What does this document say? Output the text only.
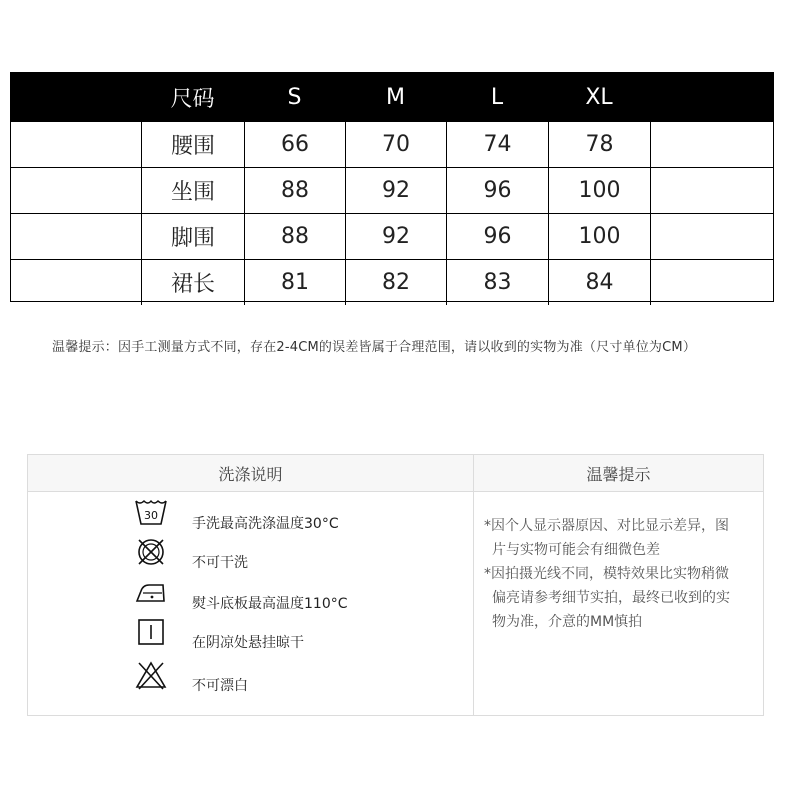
尺码	S	M	L	XL
腰围	66	70	74	78
坐围	88	92	96	100
脚围	88	92	96	100
裙长	81	82	83	84
温馨提示：因手工测量方式不同，存在2-4CM的误差皆属于合理范围，请以收到的实物为准（尺寸单位为CM）
洗涤说明	温馨提示
30
手洗最高洗涤温度30°C
不可干洗
熨斗底板最高温度110°C
在阴凉处悬挂晾干
不可漂白
*因个人显示器原因、对比显示差异，图
片与实物可能会有细微色差
*因拍摄光线不同，模特效果比实物稍微
偏亮请参考细节实拍，最终已收到的实
物为准，介意的MM慎拍
